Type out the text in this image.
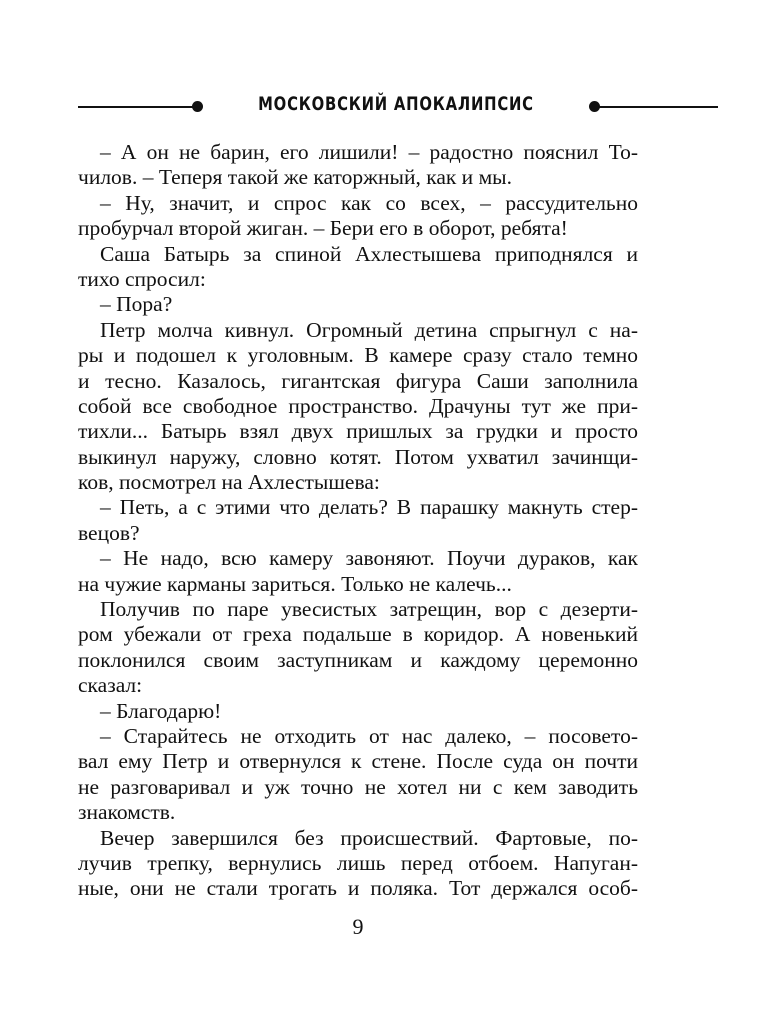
МОСКОВСКИЙ АПОКАЛИПСИС
– А он не барин, его лишили! – радостно пояснил То-
чилов. – Теперя такой же каторжный, как и мы.
– Ну, значит, и спрос как со всех, – рассудительно
пробурчал второй жиган. – Бери его в оборот, ребята!
Саша Батырь за спиной Ахлестышева приподнялся и
тихо спросил:
– Пора?
Петр молча кивнул. Огромный детина спрыгнул с на-
ры и подошел к уголовным. В камере сразу стало темно
и тесно. Казалось, гигантская фигура Саши заполнила
собой все свободное пространство. Драчуны тут же при-
тихли... Батырь взял двух пришлых за грудки и просто
выкинул наружу, словно котят. Потом ухватил зачинщи-
ков, посмотрел на Ахлестышева:
– Петь, а с этими что делать? В парашку макнуть стер-
вецов?
– Не надо, всю камеру завоняют. Поучи дураков, как
на чужие карманы зариться. Только не калечь...
Получив по паре увесистых затрещин, вор с дезерти-
ром убежали от греха подальше в коридор. А новенький
поклонился своим заступникам и каждому церемонно
сказал:
– Благодарю!
– Старайтесь не отходить от нас далеко, – посовето-
вал ему Петр и отвернулся к стене. После суда он почти
не разговаривал и уж точно не хотел ни с кем заводить
знакомств.
Вечер завершился без происшествий. Фартовые, по-
лучив трепку, вернулись лишь перед отбоем. Напуган-
ные, они не стали трогать и поляка. Тот держался особ-
9
